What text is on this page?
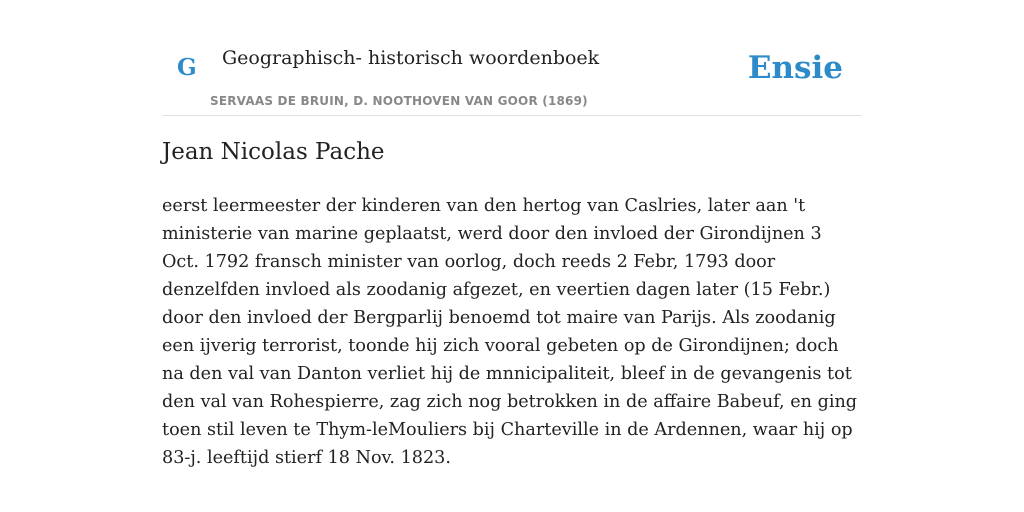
G Geographisch- historisch woordenboek
SERVAAS DE BRUIN, D. NOOTHOVEN VAN GOOR (1869)
Ensie
Jean Nicolas Pache

eerst leermeester der kinderen van den hertog van Caslries, later aan 't ministerie van marine geplaatst, werd door den invloed der Girondijnen 3 Oct. 1792 fransch minister van oorlog, doch reeds 2 Febr, 1793 door denzelfden invloed als zoodanig afgezet, en veertien dagen later (15 Febr.) door den invloed der Bergparlij benoemd tot maire van Parijs. Als zoodanig een ijverig terrorist, toonde hij zich vooral gebeten op de Girondijnen; doch na den val van Danton verliet hij de mnnicipaliteit, bleef in de gevangenis tot den val van Rohespierre, zag zich nog betrokken in de affaire Babeuf, en ging toen stil leven te Thym-leMouliers bij Charteville in de Ardennen, waar hij op 83-j. leeftijd stierf 18 Nov. 1823.
